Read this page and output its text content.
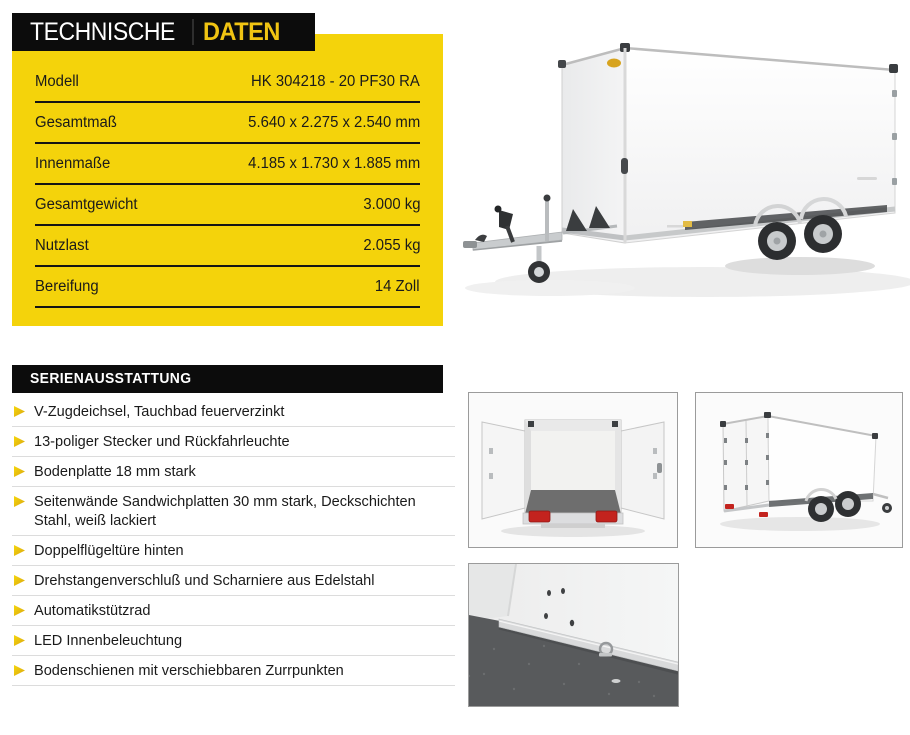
TECHNISCHE DATEN
Modell	HK 304218 - 20 PF30 RA
Gesamtmaß	5.640 x 2.275 x 2.540 mm
Innenmaße	4.185 x 1.730 x 1.885 mm
Gesamtgewicht	3.000 kg
Nutzlast	2.055 kg
Bereifung	14 Zoll
SERIENAUSSTATTUNG
V-Zugdeichsel, Tauchbad feuerverzinkt
13-poliger Stecker und Rückfahrleuchte
Bodenplatte 18 mm stark
Seitenwände Sandwichplatten 30 mm stark, Deckschichten Stahl, weiß lackiert
Doppelflügeltüre hinten
Drehstangenverschluß und Scharniere aus Edelstahl
Automatikstützrad
LED Innenbeleuchtung
Bodenschienen mit verschiebbaren Zurrpunkten
